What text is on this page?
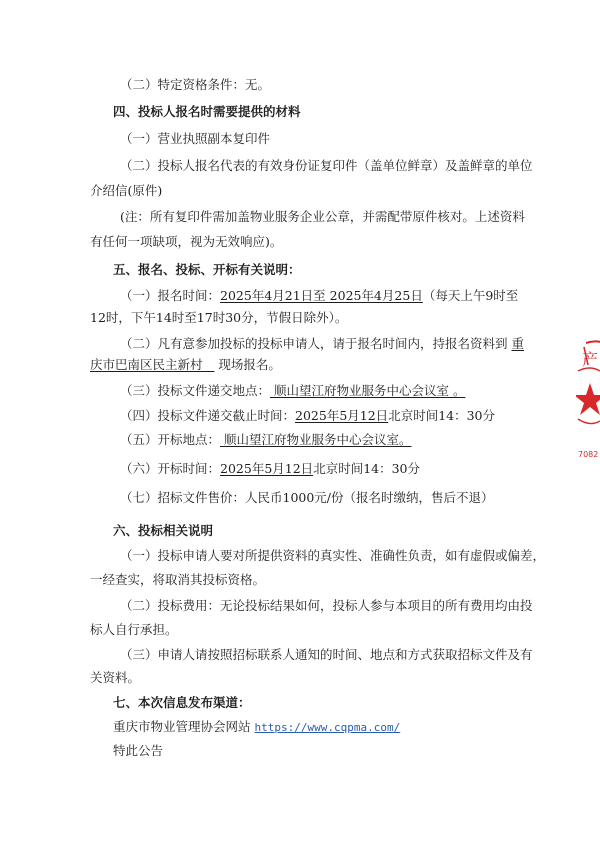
（二）特定资格条件：无。
四、投标人报名时需要提供的材料
（一）营业执照副本复印件
（二）投标人报名代表的有效身份证复印件（盖单位鲜章）及盖鲜章的单位
介绍信(原件)
(注：所有复印件需加盖物业服务企业公章，并需配带原件核对。上述资料
有任何一项缺项，视为无效响应)。
五、报名、投标、开标有关说明：
（一）报名时间：2025年4月21日至 2025年4月25日（每天上午9时至
12时，下午14时至17时30分，节假日除外）。
（二）凡有意参加投标的投标申请人，请于报名时间内，持报名资料到 重
庆市巴南区民主新村 现场报名。
（三）投标文件递交地点： 顺山望江府物业服务中心会议室 。
（四）投标文件递交截止时间：2025年5月12日北京时间14：30分
（五）开标地点： 顺山望江府物业服务中心会议室。
（六）开标时间：2025年5月12日北京时间14：30分
（七）招标文件售价：人民币1000元/份（报名时缴纳，售后不退）
六、投标相关说明
（一）投标申请人要对所提供资料的真实性、准确性负责，如有虚假或偏差，
一经查实，将取消其投标资格。
（二）投标费用：无论投标结果如何，投标人参与本项目的所有费用均由投
标人自行承担。
（三）申请人请按照招标联系人通知的时间、地点和方式获取招标文件及有
关资料。
七、本次信息发布渠道：
重庆市物业管理协会网站 https://www.cqpma.com/
特此公告
产
7082
